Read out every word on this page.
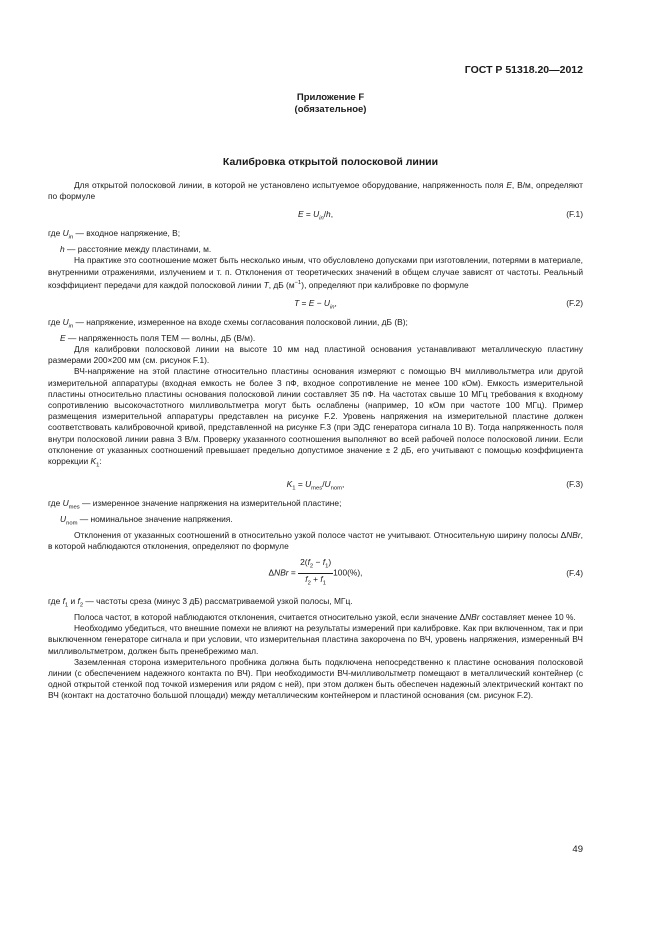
ГОСТ Р 51318.20—2012
Приложение F
(обязательное)
Калибровка открытой полосковой линии

Для открытой полосковой линии, в которой не установлено испытуемое оборудование, напряженность поля E, В/м, определяют по формуле

$E = U_{in}/h$,	(F.1)

где $U_{in}$ — входное напряжение, В;

h — расстояние между пластинами, м.

На практике это соотношение может быть несколько иным, что обусловлено допусками при изготовлении, потерями в материале, внутренними отражениями, излучением и т. п. Отклонения от теоретических значений в общем случае зависят от частоты. Реальный коэффициент передачи для каждой полосковой линии T, дБ $(м^{-1})$, определяют при калибровке по формуле

$T = E - U_{in}$,	(F.2)

где $U_{in}$ — напряжение, измеренное на входе схемы согласования полосковой линии, дБ (В);

E — напряженность поля ТЕМ — волны, дБ (В/м).

Для калибровки полосковой линии на высоте 10 мм над пластиной основания устанавливают металлическую пластину размерами 200×200 мм (см. рисунок F.1).

ВЧ-напряжение на этой пластине относительно пластины основания измеряют с помощью ВЧ милливольтметра или другой измерительной аппаратуры (входная емкость не более 3 пФ, входное сопротивление не менее 100 кОм). Емкость измерительной пластины относительно пластины основания полосковой линии составляет 35 пФ. На частотах свыше 10 МГц требования к входному сопротивлению высокочастотного милливольтметра могут быть ослаблены (например, 10 кОм при частоте 100 МГц). Пример размещения измерительной аппаратуры представлен на рисунке F.2. Уровень напряжения на измерительной пластине должен соответствовать калибровочной кривой, представленной на рисунке F.3 (при ЭДС генератора сигнала 10 В). Тогда напряженность поля внутри полосковой линии равна 3 В/м. Проверку указанного соотношения выполняют во всей рабочей полосе полосковой линии. Если отклонение от указанных соотношений превышает предельно допустимое значение ± 2 дБ, его учитывают с помощью коэффициента коррекции $K_1$:

$K_1 = U_{mes}/U_{nom}$,	(F.3)

где $U_{mes}$ — измеренное значение напряжения на измерительной пластине;

$U_{nom}$ — номинальное значение напряжения.

Отклонения от указанных соотношений в относительно узкой полосе частот не учитывают. Относительную ширину полосы ΔNBr, в которой наблюдаются отклонения, определяют по формуле

$\Delta NBr = \frac{2(f_2 - f_1)}{f_2 + f_1} 100(\%)$,	(F.4)

где $f_1$ и $f_2$ — частоты среза (минус 3 дБ) рассматриваемой узкой полосы, МГц.

Полоса частот, в которой наблюдаются отклонения, считается относительно узкой, если значение ΔNBr составляет менее 10 %.

Необходимо убедиться, что внешние помехи не влияют на результаты измерений при калибровке. Как при включенном, так и при выключенном генераторе сигнала и при условии, что измерительная пластина закорочена по ВЧ, уровень напряжения, измеренный ВЧ милливольтметром, должен быть пренебрежимо мал.

Заземленная сторона измерительного пробника должна быть подключена непосредственно к пластине основания полосковой линии (с обеспечением надежного контакта по ВЧ). При необходимости ВЧ-милливольтметр помещают в металлический контейнер (с одной открытой стенкой под точкой измерения или рядом с ней), при этом должен быть обеспечен надежный электрический контакт по ВЧ (контакт на достаточно большой площади) между металлическим контейнером и пластиной основания (см. рисунок F.2).

49
